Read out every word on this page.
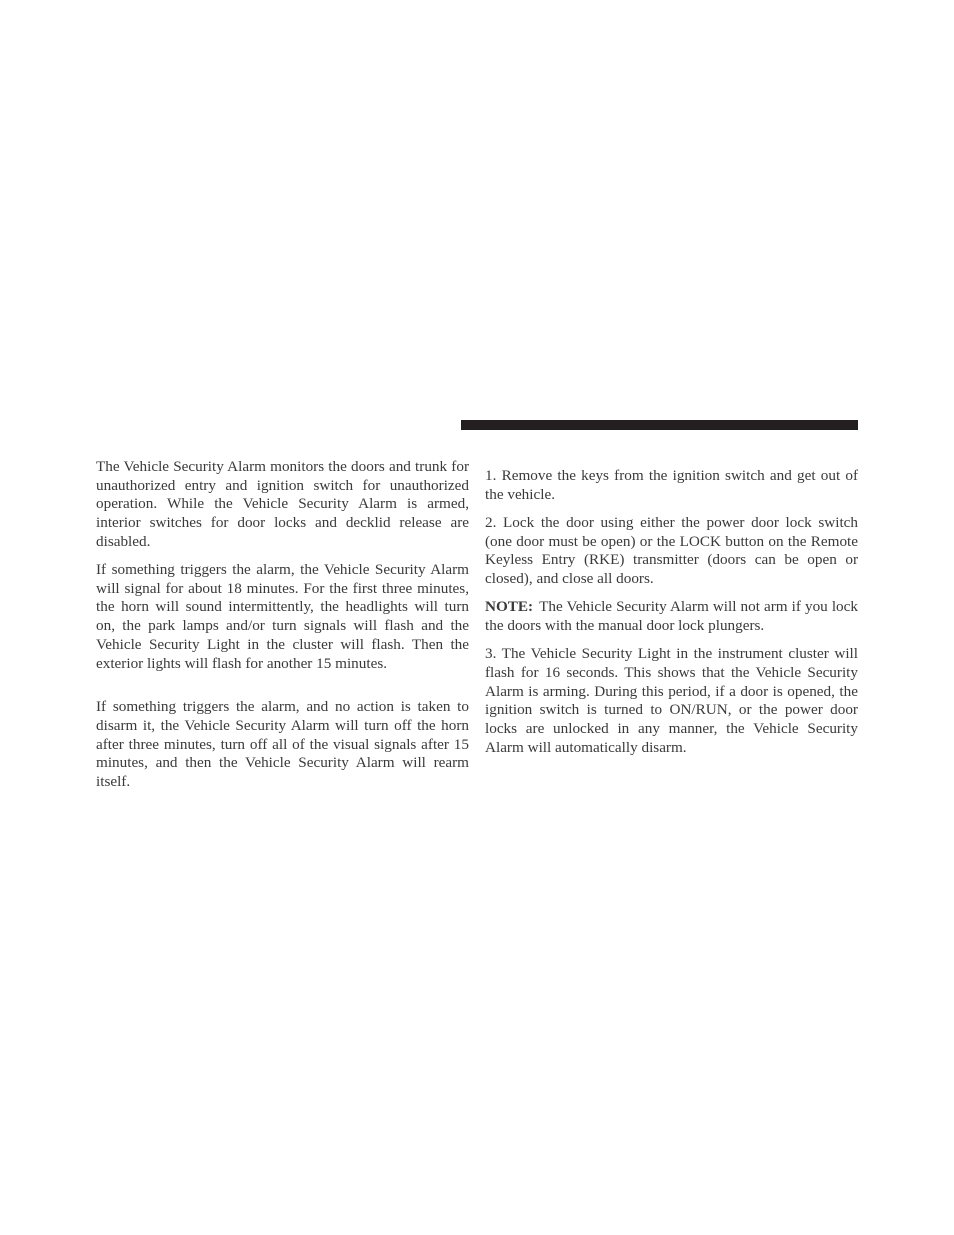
The Vehicle Security Alarm monitors the doors and trunk for unauthorized entry and ignition switch for unauthorized operation. While the Vehicle Security Alarm is armed, interior switches for door locks and decklid release are disabled.

If something triggers the alarm, the Vehicle Security Alarm will signal for about 18 minutes. For the first three minutes, the horn will sound intermittently, the headlights will turn on, the park lamps and/or turn signals will flash and the Vehicle Security Light in the cluster will flash. Then the exterior lights will flash for another 15 minutes.

If something triggers the alarm, and no action is taken to disarm it, the Vehicle Security Alarm will turn off the horn after three minutes, turn off all of the visual signals after 15 minutes, and then the Vehicle Security Alarm will rearm itself.

1. Remove the keys from the ignition switch and get out of the vehicle.

2. Lock the door using either the power door lock switch (one door must be open) or the LOCK button on the Remote Keyless Entry (RKE) transmitter (doors can be open or closed), and close all doors.

NOTE: The Vehicle Security Alarm will not arm if you lock the doors with the manual door lock plungers.

3. The Vehicle Security Light in the instrument cluster will flash for 16 seconds. This shows that the Vehicle Security Alarm is arming. During this period, if a door is opened, the ignition switch is turned to ON/RUN, or the power door locks are unlocked in any manner, the Vehicle Security Alarm will automatically disarm.
